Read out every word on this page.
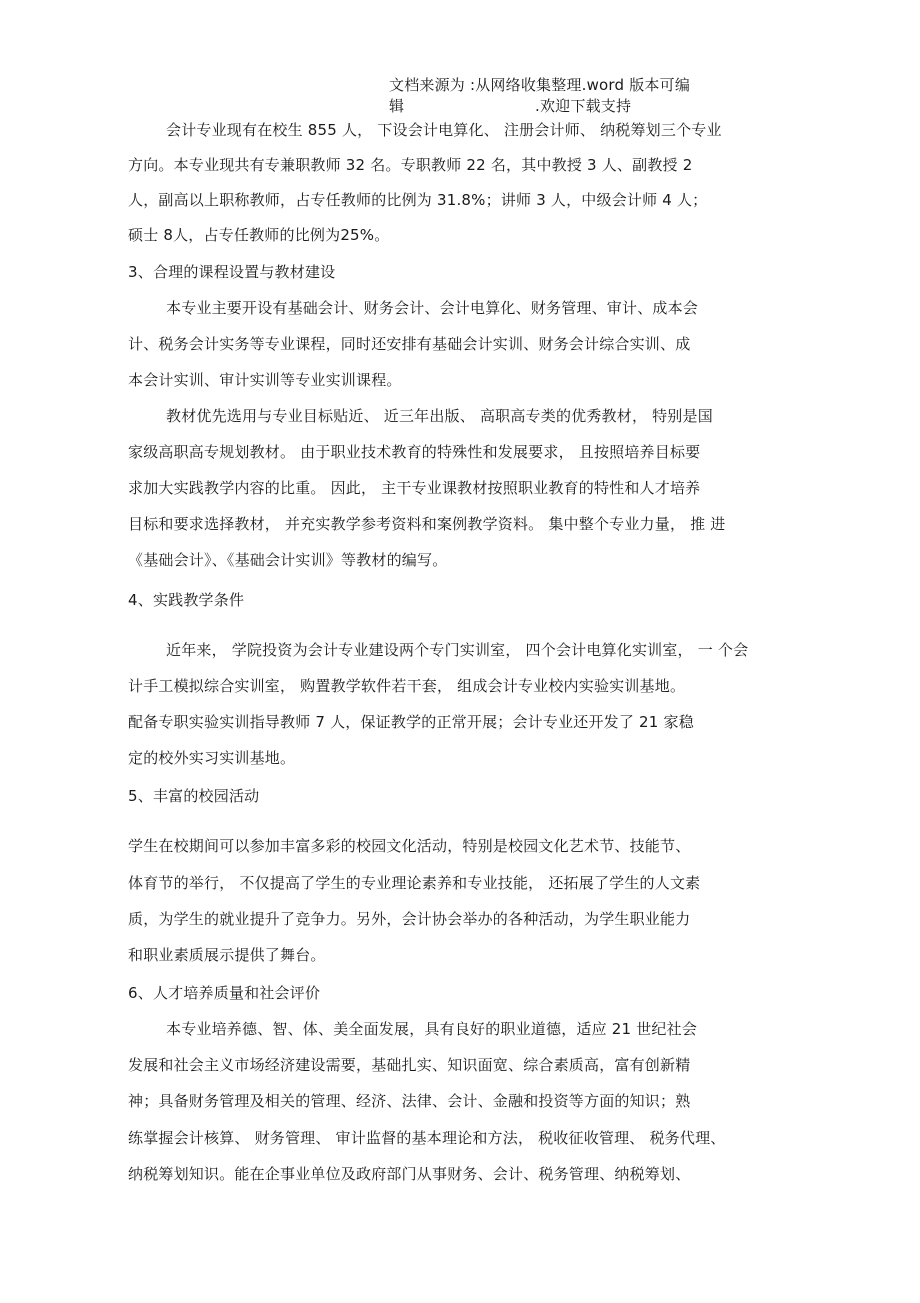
文档来源为 :从网络收集整理.word 版本可编
辑	.欢迎下载支持
会计专业现有在校生 855 人， 下设会计电算化、 注册会计师、 纳税筹划三个专业
方向。本专业现共有专兼职教师 32 名。专职教师 22 名，其中教授 3 人、副教授 2
人，副高以上职称教师，占专任教师的比例为 31.8%；讲师 3 人，中级会计师 4 人；
硕士 8人，占专任教师的比例为25%。
3、合理的课程设置与教材建设
本专业主要开设有基础会计、财务会计、会计电算化、财务管理、审计、成本会
计、税务会计实务等专业课程，同时还安排有基础会计实训、财务会计综合实训、成
本会计实训、审计实训等专业实训课程。
教材优先选用与专业目标贴近、 近三年出版、 高职高专类的优秀教材， 特别是国
家级高职高专规划教材。 由于职业技术教育的特殊性和发展要求， 且按照培养目标要
求加大实践教学内容的比重。 因此， 主干专业课教材按照职业教育的特性和人才培养
目标和要求选择教材， 并充实教学参考资料和案例教学资料。 集中整个专业力量， 推 进
《基础会计》、《基础会计实训》等教材的编写。
4、实践教学条件
近年来， 学院投资为会计专业建设两个专门实训室， 四个会计电算化实训室， 一 个会
计手工模拟综合实训室， 购置教学软件若干套， 组成会计专业校内实验实训基地。
配备专职实验实训指导教师 7 人，保证教学的正常开展；会计专业还开发了 21 家稳
定的校外实习实训基地。
5、丰富的校园活动
学生在校期间可以参加丰富多彩的校园文化活动，特别是校园文化艺术节、技能节、
体育节的举行， 不仅提高了学生的专业理论素养和专业技能， 还拓展了学生的人文素
质，为学生的就业提升了竞争力。另外，会计协会举办的各种活动，为学生职业能力
和职业素质展示提供了舞台。
6、人才培养质量和社会评价
本专业培养德、智、体、美全面发展，具有良好的职业道德，适应 21 世纪社会
发展和社会主义市场经济建设需要，基础扎实、知识面宽、综合素质高，富有创新精
神；具备财务管理及相关的管理、经济、法律、会计、金融和投资等方面的知识；熟
练掌握会计核算、 财务管理、 审计监督的基本理论和方法， 税收征收管理、 税务代理、
纳税筹划知识。能在企事业单位及政府部门从事财务、会计、税务管理、纳税筹划、
